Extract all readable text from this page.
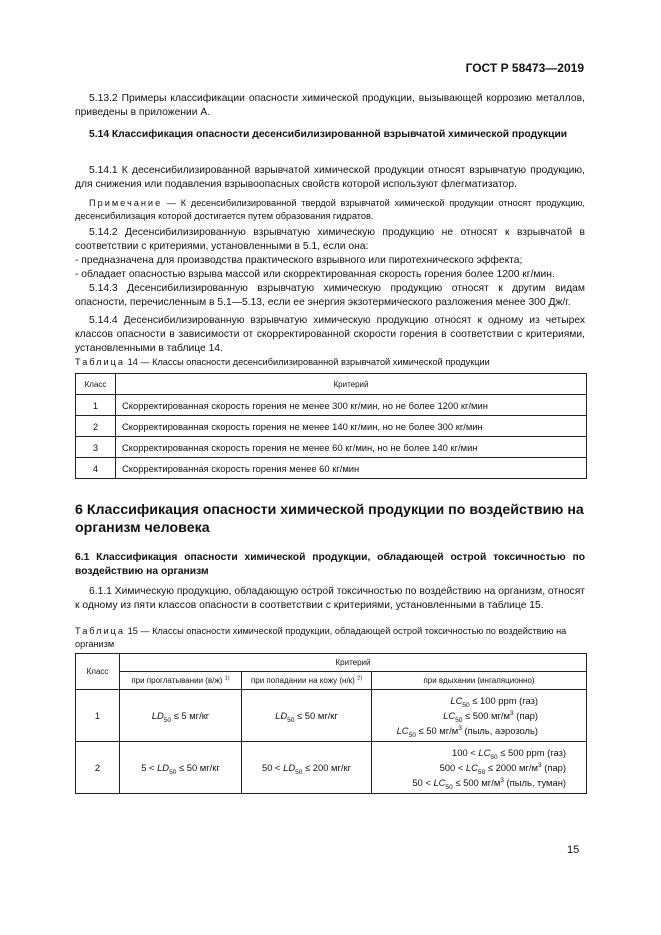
ГОСТ Р 58473—2019
5.13.2 Примеры классификации опасности химической продукции, вызывающей коррозию металлов, приведены в приложении А.
5.14 Классификация опасности десенсибилизированной взрывчатой химической продукции
5.14.1 К десенсибилизированной взрывчатой химической продукции относят взрывчатую продукцию, для снижения или подавления взрывоопасных свойств которой используют флегматизатор.
Примечание — К десенсибилизированной твердой взрывчатой химической продукции относят продукцию, десенсибилизация которой достигается путем образования гидратов.
5.14.2 Десенсибилизированную взрывчатую химическую продукцию не относят к взрывчатой в соответствии с критериями, установленными в 5.1, если она:
- предназначена для производства практического взрывного или пиротехнического эффекта;
- обладает опасностью взрыва массой или скорректированная скорость горения более 1200 кг/мин.
5.14.3 Десенсибилизированную взрывчатую химическую продукцию относят к другим видам опасности, перечисленным в 5.1—5.13, если ее энергия экзотермического разложения менее 300 Дж/г.
5.14.4 Десенсибилизированную взрывчатую химическую продукцию относят к одному из четырех классов опасности в зависимости от скорректированной скорости горения в соответствии с критериями, установленными в таблице 14.
Таблица 14 — Классы опасности десенсибилизированной взрывчатой химической продукции
Класс	Критерий
1	Скорректированная скорость горения не менее 300 кг/мин, но не более 1200 кг/мин
2	Скорректированная скорость горения не менее 140 кг/мин, но не более 300 кг/мин
3	Скорректированная скорость горения не менее 60 кг/мин, но не более 140 кг/мин
4	Скорректированная скорость горения менее 60 кг/мин
6 Классификация опасности химической продукции по воздействию на организм человека
6.1 Классификация опасности химической продукции, обладающей острой токсичностью по воздействию на организм
6.1.1 Химическую продукцию, обладающую острой токсичностью по воздействию на организм, относят к одному из пяти классов опасности в соответствии с критериями, установленными в таблице 15.
Таблица 15 — Классы опасности химической продукции, обладающей острой токсичностью по воздействию на организм
Класс	Критерий		
	при проглатывании (в/ж) $^{1)}$	при попадании на кожу (н/к) $^{2)}$	при вдыхании (ингаляционно)
1	$LD_{50} \le 5$ мг/кг	$LD_{50} \le 50$ мг/кг	$LC_{50} \le 100$ ppm (газ)
$LC_{50} \le 500$ $мг/м^3$ (пар)
$LC_{50} \le 50$ $мг/м^3$ (пыль, аэрозоль)

2	$5 < LD_{50} \le 50$ мг/кг	$50 < LD_{50} \le 200$ мг/кг	$100 < LC_{50} \le 500$ ppm (газ)
$500 < LC_{50} \le 2000$ $мг/м^3$ (пар)
$50 < LC_{50} \le 500$ $мг/м^3$ (пыль, туман)
15
